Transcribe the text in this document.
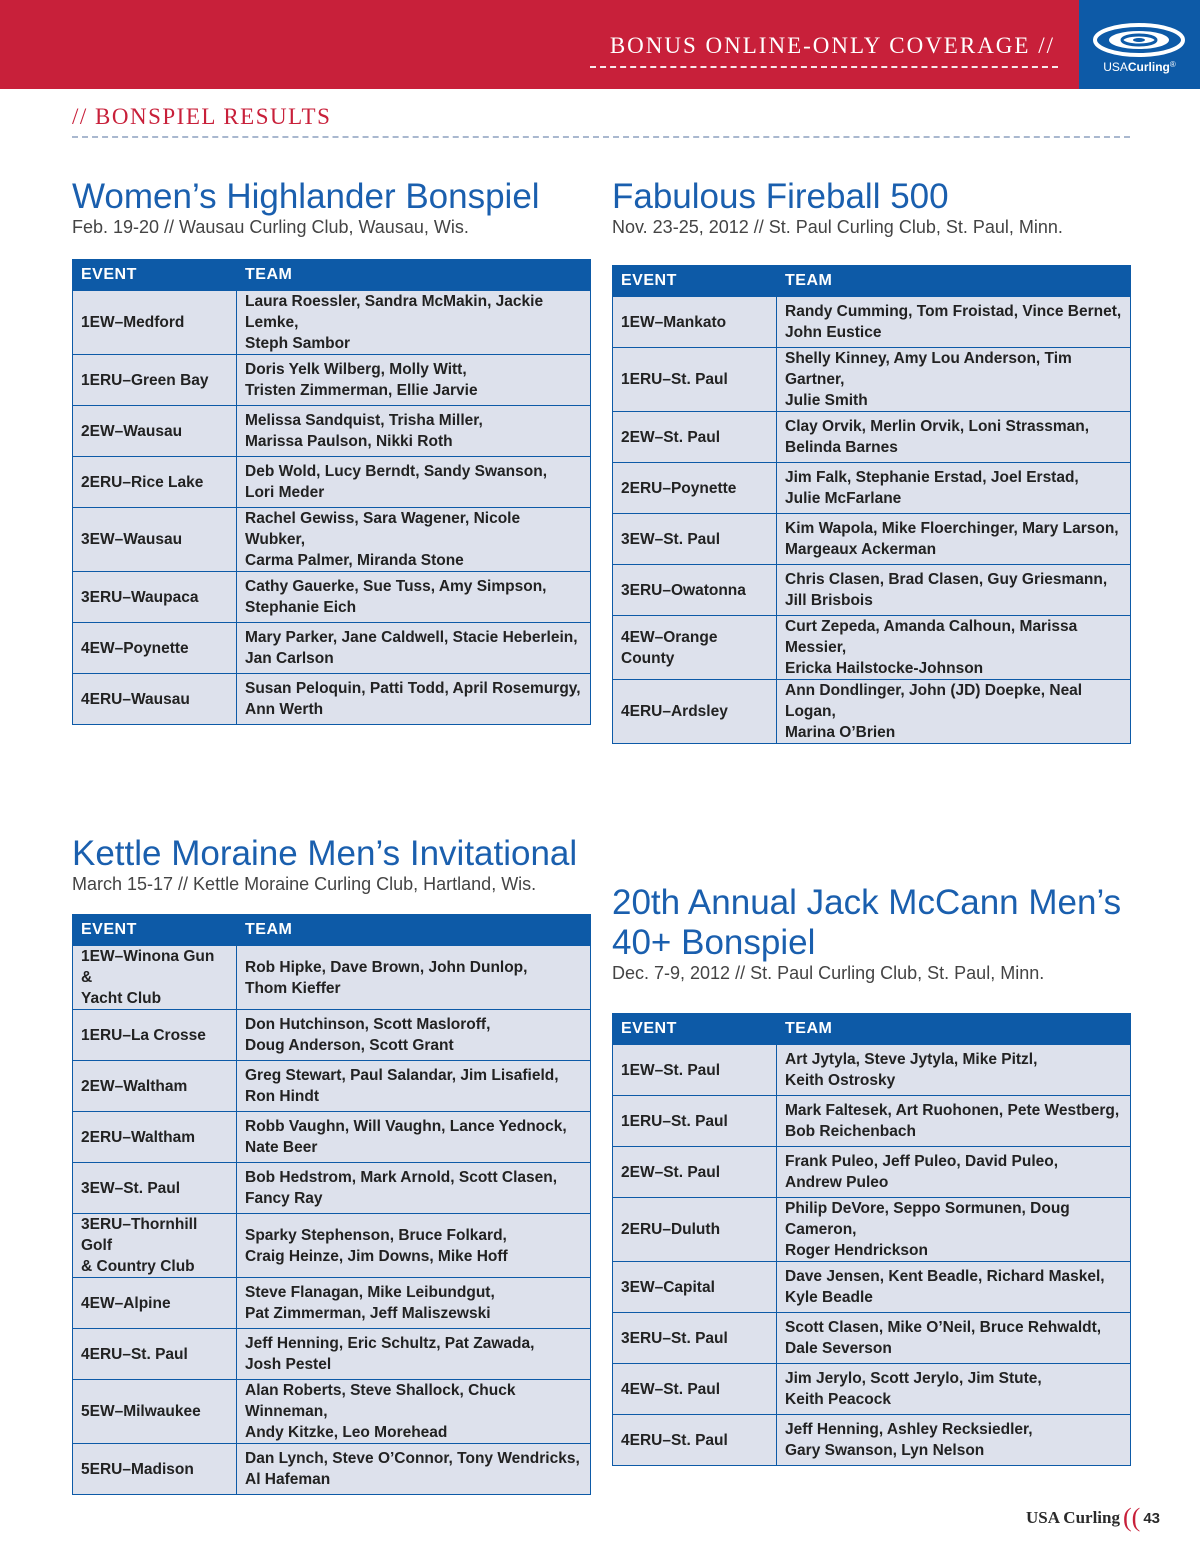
BONUS ONLINE-ONLY COVERAGE //
USACurling®
// BONSPIEL RESULTS
Women’s Highlander Bonspiel
Feb. 19-20 // Wausau Curling Club, Wausau, Wis.
EVENT	TEAM
1EW–Medford	Laura Roessler, Sandra McMakin, Jackie Lemke,
Steph Sambor
1ERU–Green Bay	Doris Yelk Wilberg, Molly Witt,
Tristen Zimmerman, Ellie Jarvie
2EW–Wausau	Melissa Sandquist, Trisha Miller,
Marissa Paulson, Nikki Roth
2ERU–Rice Lake	Deb Wold, Lucy Berndt, Sandy Swanson,
Lori Meder
3EW–Wausau	Rachel Gewiss, Sara Wagener, Nicole Wubker,
Carma Palmer, Miranda Stone
3ERU–Waupaca	Cathy Gauerke, Sue Tuss, Amy Simpson,
Stephanie Eich
4EW–Poynette	Mary Parker, Jane Caldwell, Stacie Heberlein,
Jan Carlson
4ERU–Wausau	Susan Peloquin, Patti Todd, April Rosemurgy,
Ann Werth
Fabulous Fireball 500
Nov. 23-25, 2012 // St. Paul Curling Club, St. Paul, Minn.
EVENT	TEAM
1EW–Mankato	Randy Cumming, Tom Froistad, Vince Bernet,
John Eustice
1ERU–St. Paul	Shelly Kinney, Amy Lou Anderson, Tim Gartner,
Julie Smith
2EW–St. Paul	Clay Orvik, Merlin Orvik, Loni Strassman,
Belinda Barnes
2ERU–Poynette	Jim Falk, Stephanie Erstad, Joel Erstad,
Julie McFarlane
3EW–St. Paul	Kim Wapola, Mike Floerchinger, Mary Larson,
Margeaux Ackerman
3ERU–Owatonna	Chris Clasen, Brad Clasen, Guy Griesmann,
Jill Brisbois
4EW–Orange County	Curt Zepeda, Amanda Calhoun, Marissa Messier,
Ericka Hailstocke-Johnson
4ERU–Ardsley	Ann Dondlinger, John (JD) Doepke, Neal Logan,
Marina O’Brien
Kettle Moraine Men’s Invitational
March 15-17 // Kettle Moraine Curling Club, Hartland, Wis.
EVENT	TEAM
1EW–Winona Gun &
Yacht Club	Rob Hipke, Dave Brown, John Dunlop,
Thom Kieffer
1ERU–La Crosse	Don Hutchinson, Scott Masloroff,
Doug Anderson, Scott Grant
2EW–Waltham	Greg Stewart, Paul Salandar, Jim Lisafield,
Ron Hindt
2ERU–Waltham	Robb Vaughn, Will Vaughn, Lance Yednock,
Nate Beer
3EW–St. Paul	Bob Hedstrom, Mark Arnold, Scott Clasen,
Fancy Ray
3ERU–Thornhill Golf
& Country Club	Sparky Stephenson, Bruce Folkard,
Craig Heinze, Jim Downs, Mike Hoff
4EW–Alpine	Steve Flanagan, Mike Leibundgut,
Pat Zimmerman, Jeff Maliszewski
4ERU–St. Paul	Jeff Henning, Eric Schultz, Pat Zawada,
Josh Pestel
5EW–Milwaukee	Alan Roberts, Steve Shallock, Chuck Winneman,
Andy Kitzke, Leo Morehead
5ERU–Madison	Dan Lynch, Steve O’Connor, Tony Wendricks,
Al Hafeman
20th Annual Jack McCann Men’s
40+ Bonspiel
Dec. 7-9, 2012 // St. Paul Curling Club, St. Paul, Minn.
EVENT	TEAM
1EW–St. Paul	Art Jytyla, Steve Jytyla, Mike Pitzl,
Keith Ostrosky
1ERU–St. Paul	Mark Faltesek, Art Ruohonen, Pete Westberg,
Bob Reichenbach
2EW–St. Paul	Frank Puleo, Jeff Puleo, David Puleo,
Andrew Puleo
2ERU–Duluth	Philip DeVore, Seppo Sormunen, Doug Cameron,
Roger Hendrickson
3EW–Capital	Dave Jensen, Kent Beadle, Richard Maskel,
Kyle Beadle
3ERU–St. Paul	Scott Clasen, Mike O’Neil, Bruce Rehwaldt,
Dale Severson
4EW–St. Paul	Jim Jerylo, Scott Jerylo, Jim Stute,
Keith Peacock
4ERU–St. Paul	Jeff Henning, Ashley Recksiedler,
Gary Swanson, Lyn Nelson
USA Curling (( 43
